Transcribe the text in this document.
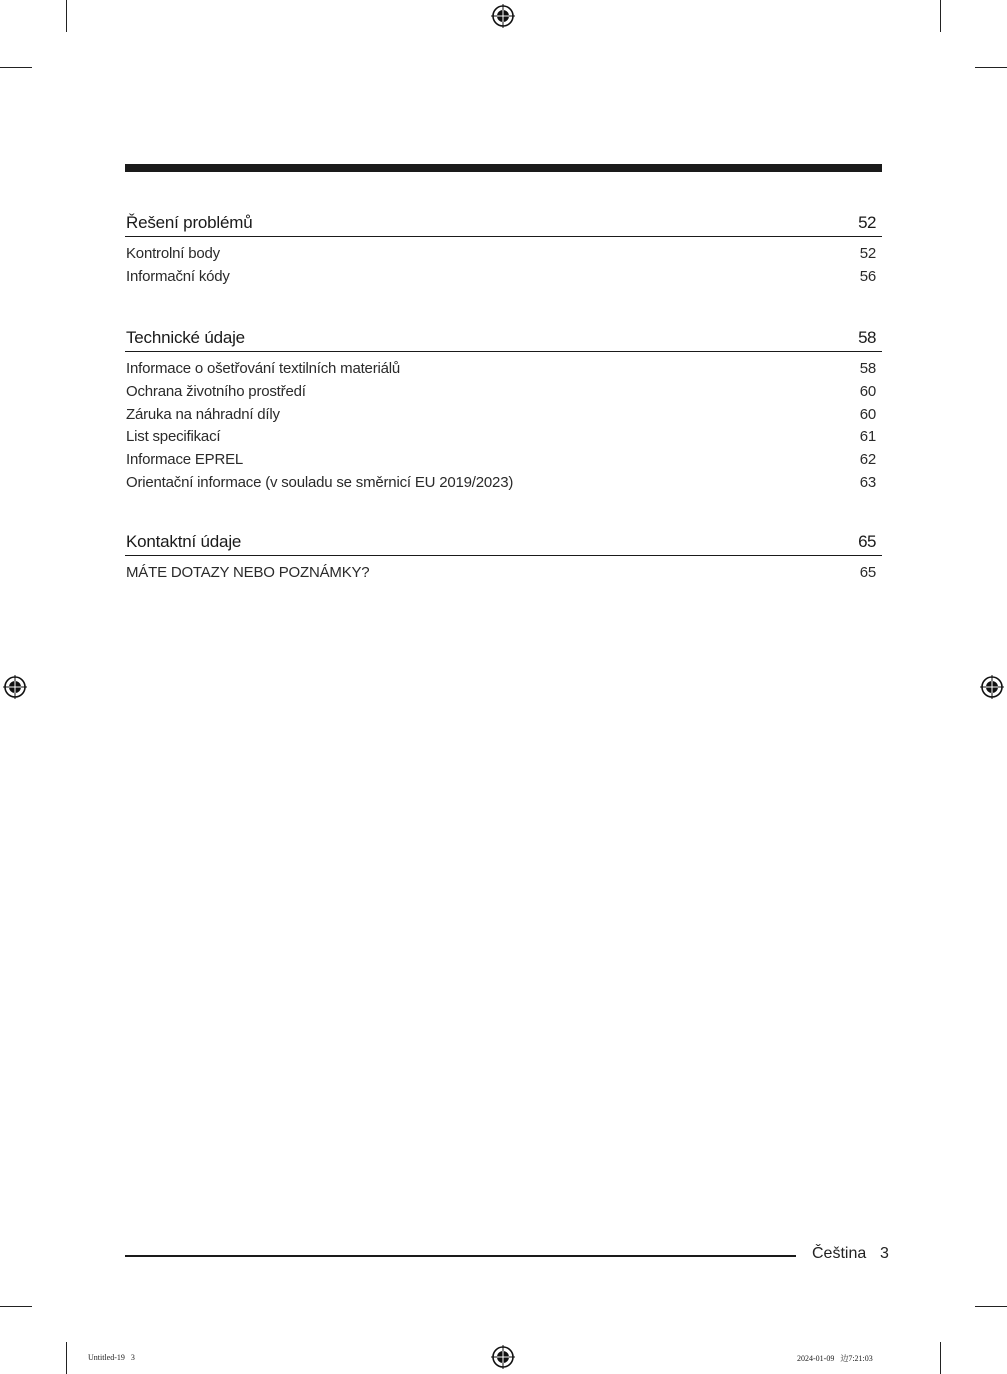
Řešení problémů	52
Kontrolní body	52
Informační kódy	56
Technické údaje	58
Informace o ošetřování textilních materiálů	58
Ochrana životního prostředí	60
Záruka na náhradní díly	60
List specifikací	61
Informace EPREL	62
Orientační informace (v souladu se směrnicí EU 2019/2023)	63
Kontaktní údaje	65
MÁTE DOTAZY NEBO POZNÁMKY?	65
Čeština 3
Untitled-19   3	2024-01-09   边7:21:03
